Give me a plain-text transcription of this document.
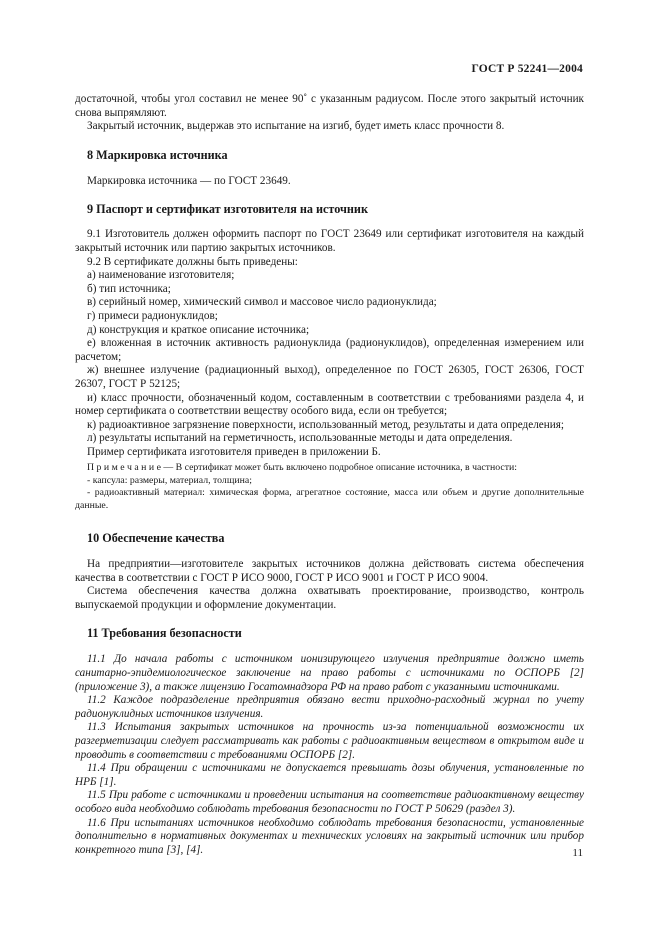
ГОСТ Р 52241—2004

достаточной, чтобы угол составил не менее 90˚ с указанным радиусом. После этого закрытый источник снова выпрямляют.

Закрытый источник, выдержав это испытание на изгиб, будет иметь класс прочности 8.

8 Маркировка источника

Маркировка источника — по ГОСТ 23649.

9 Паспорт и сертификат изготовителя на источник

9.1 Изготовитель должен оформить паспорт по ГОСТ 23649 или сертификат изготовителя на каждый закрытый источник или партию закрытых источников.

9.2 В сертификате должны быть приведены:

а) наименование изготовителя;

б) тип источника;

в) серийный номер, химический символ и массовое число радионуклида;

г) примеси радионуклидов;

д) конструкция и краткое описание источника;

е) вложенная в источник активность радионуклида (радионуклидов), определенная измерением или расчетом;

ж) внешнее излучение (радиационный выход), определенное по ГОСТ 26305, ГОСТ 26306, ГОСТ 26307, ГОСТ Р 52125;

и) класс прочности, обозначенный кодом, составленным в соответствии с требованиями раздела 4, и номер сертификата о соответствии веществу особого вида, если он требуется;

к) радиоактивное загрязнение поверхности, использованный метод, результаты и дата определения;

л) результаты испытаний на герметичность, использованные методы и дата определения.

Пример сертификата изготовителя приведен в приложении Б.

П р и м е ч а н и е — В сертификат может быть включено подробное описание источника, в частности:

- капсула: размеры, материал, толщина;

- радиоактивный материал: химическая форма, агрегатное состояние, масса или объем и другие дополнительные данные.

10 Обеспечение качества

На предприятии—изготовителе закрытых источников должна действовать система обеспечения качества в соответствии с ГОСТ Р ИСО 9000, ГОСТ Р ИСО 9001 и ГОСТ Р ИСО 9004.

Система обеспечения качества должна охватывать проектирование, производство, контроль выпускаемой продукции и оформление документации.

11 Требования безопасности

11.1 До начала работы с источником ионизирующего излучения предприятие должно иметь санитарно-эпидемиологическое заключение на право работы с источниками по ОСПОРБ [2] (приложение 3), а также лицензию Госатомнадзора РФ на право работ с указанными источниками.

11.2 Каждое подразделение предприятия обязано вести приходно-расходный журнал по учету радионуклидных источников излучения.

11.3 Испытания закрытых источников на прочность из-за потенциальной возможности их разгерметизации следует рассматривать как работы с радиоактивным веществом в открытом виде и проводить в соответствии с требованиями ОСПОРБ [2].

11.4 При обращении с источниками не допускается превышать дозы облучения, установленные по НРБ [1].

11.5 При работе с источниками и проведении испытания на соответствие радиоактивному веществу особого вида необходимо соблюдать требования безопасности по ГОСТ Р 50629 (раздел 3).

11.6 При испытаниях источников необходимо соблюдать требования безопасности, установленные дополнительно в нормативных документах и технических условиях на закрытый источник или прибор конкретного типа [3], [4].	11
